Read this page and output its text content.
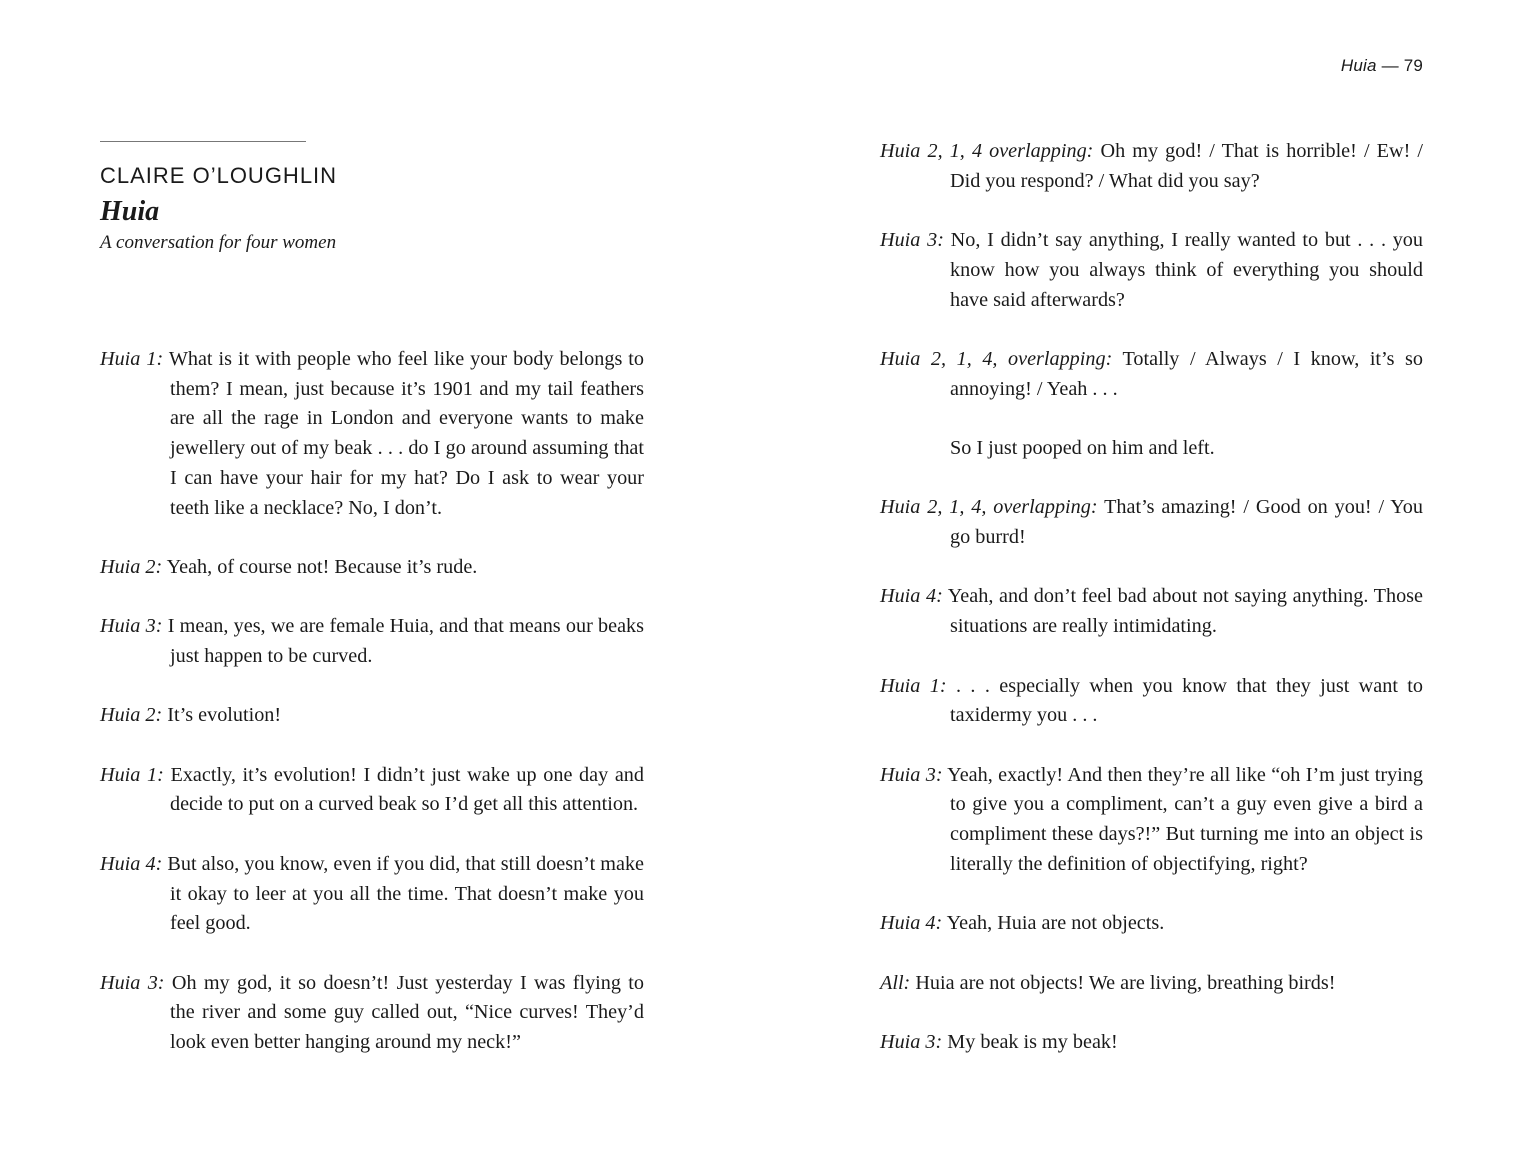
Huia — 79
CLAIRE O’LOUGHLIN
Huia
A conversation for four women

Huia 1: What is it with people who feel like your body belongs to them? I mean, just because it’s 1901 and my tail feathers are all the rage in London and everyone wants to make jewellery out of my beak . . . do I go around assuming that I can have your hair for my hat? Do I ask to wear your teeth like a necklace? No, I don’t.

Huia 2: Yeah, of course not! Because it’s rude.

Huia 3: I mean, yes, we are female Huia, and that means our beaks just happen to be curved.

Huia 2: It’s evolution!

Huia 1: Exactly, it’s evolution! I didn’t just wake up one day and decide to put on a curved beak so I’d get all this attention.

Huia 4: But also, you know, even if you did, that still doesn’t make it okay to leer at you all the time. That doesn’t make you feel good.

Huia 3: Oh my god, it so doesn’t! Just yesterday I was flying to the river and some guy called out, “Nice curves! They’d look even better hanging around my neck!”

Huia 2, 1, 4 overlapping: Oh my god! / That is horrible! / Ew! / Did you respond? / What did you say?

Huia 3: No, I didn’t say anything, I really wanted to but . . . you know how you always think of everything you should have said afterwards?

Huia 2, 1, 4, overlapping: Totally / Always / I know, it’s so annoying! / Yeah . . .

So I just pooped on him and left.

Huia 2, 1, 4, overlapping: That’s amazing! / Good on you! / You go burrd!

Huia 4: Yeah, and don’t feel bad about not saying anything. Those situations are really intimidating.

Huia 1: . . . especially when you know that they just want to taxidermy you . . .

Huia 3: Yeah, exactly! And then they’re all like “oh I’m just trying to give you a compliment, can’t a guy even give a bird a compliment these days?!” But turning me into an object is literally the definition of objectifying, right?

Huia 4: Yeah, Huia are not objects.

All: Huia are not objects! We are living, breathing birds!

Huia 3: My beak is my beak!
